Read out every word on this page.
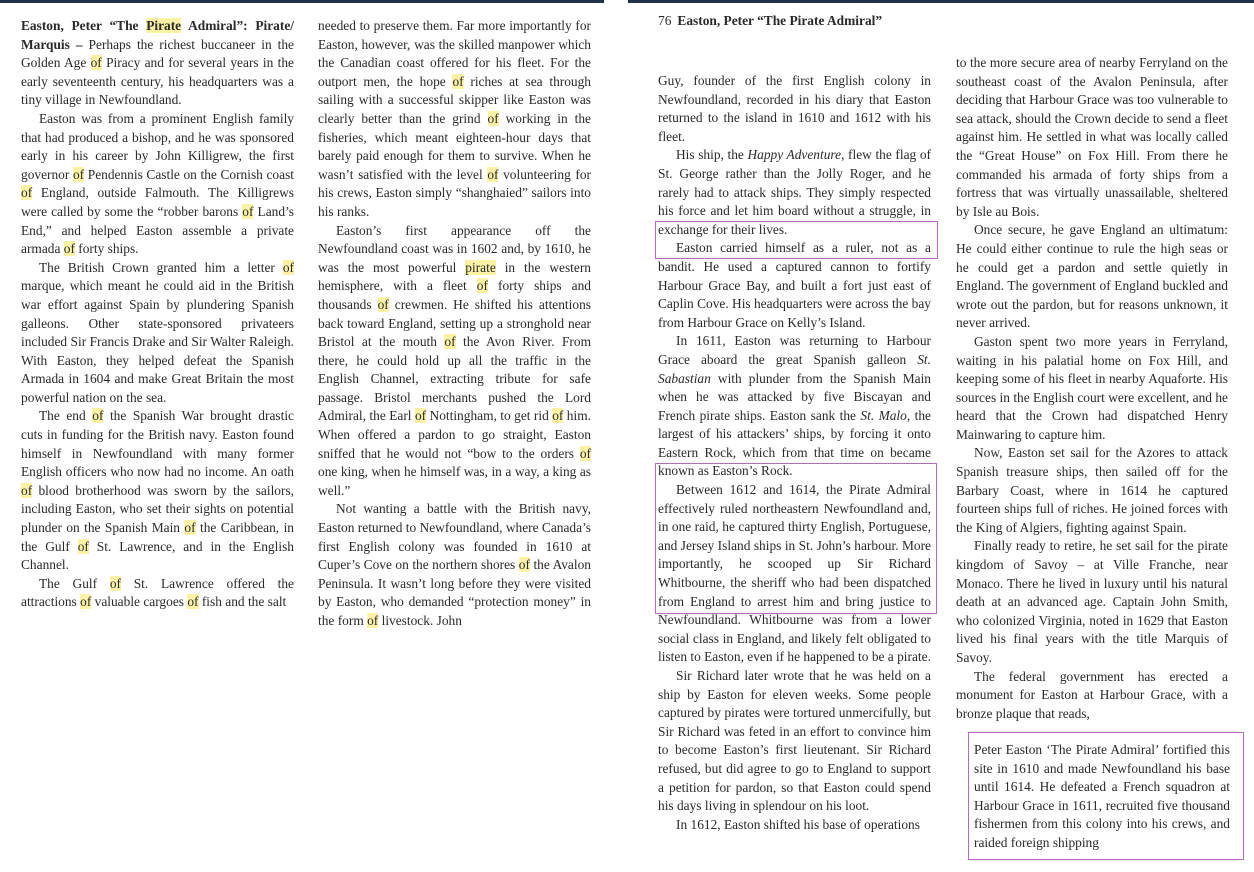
Easton, Peter “The Pirate Admiral”: Pirate/ Marquis – Perhaps the richest buccaneer in the Golden Age of Piracy and for several years in the early seventeenth century, his headquarters was a tiny village in Newfoundland.

Easton was from a prominent English family that had produced a bishop, and he was sponsored early in his career by John Killigrew, the first governor of Pendennis Castle on the Cornish coast of England, outside Falmouth. The Killigrews were called by some the “robber barons of Land’s End,” and helped Easton assemble a private armada of forty ships.

The British Crown granted him a letter of marque, which meant he could aid in the British war effort against Spain by plundering Spanish galleons. Other state-sponsored privateers included Sir Francis Drake and Sir Walter Raleigh. With Easton, they helped defeat the Spanish Armada in 1604 and make Great Britain the most powerful nation on the sea.

The end of the Spanish War brought drastic cuts in funding for the British navy. Easton found himself in Newfoundland with many former English officers who now had no income. An oath of blood brotherhood was sworn by the sailors, including Easton, who set their sights on potential plunder on the Spanish Main of the Caribbean, in the Gulf of St. Lawrence, and in the English Channel.

The Gulf of St. Lawrence offered the attractions of valuable cargoes of fish and the salt

needed to preserve them. Far more importantly for Easton, however, was the skilled manpower which the Canadian coast offered for his fleet. For the outport men, the hope of riches at sea through sailing with a successful skipper like Easton was clearly better than the grind of working in the fisheries, which meant eighteen-hour days that barely paid enough for them to survive. When he wasn’t satisfied with the level of volunteering for his crews, Easton simply “shanghaied” sailors into his ranks.

Easton’s first appearance off the Newfoundland coast was in 1602 and, by 1610, he was the most powerful pirate in the western hemisphere, with a fleet of forty ships and thousands of crewmen. He shifted his attentions back toward England, setting up a stronghold near Bristol at the mouth of the Avon River. From there, he could hold up all the traffic in the English Channel, extracting tribute for safe passage. Bristol merchants pushed the Lord Admiral, the Earl of Nottingham, to get rid of him. When offered a pardon to go straight, Easton sniffed that he would not “bow to the orders of one king, when he himself was, in a way, a king as well.”

Not wanting a battle with the British navy, Easton returned to Newfoundland, where Canada’s first English colony was founded in 1610 at Cuper’s Cove on the northern shores of the Avalon Peninsula. It wasn’t long before they were visited by Easton, who demanded “protection money” in the form of livestock. John

76 Easton, Peter “The Pirate Admiral”

Guy, founder of the first English colony in Newfoundland, recorded in his diary that Easton returned to the island in 1610 and 1612 with his fleet.

His ship, the Happy Adventure, flew the flag of St. George rather than the Jolly Roger, and he rarely had to attack ships. They simply respected his force and let him board without a struggle, in exchange for their lives.

Easton carried himself as a ruler, not as a bandit. He used a captured cannon to fortify Harbour Grace Bay, and built a fort just east of Caplin Cove. His headquarters were across the bay from Harbour Grace on Kelly’s Island.

In 1611, Easton was returning to Harbour Grace aboard the great Spanish galleon St. Sabastian with plunder from the Spanish Main when he was attacked by five Biscayan and French pirate ships. Easton sank the St. Malo, the largest of his attackers’ ships, by forcing it onto Eastern Rock, which from that time on became known as Easton’s Rock.

Between 1612 and 1614, the Pirate Admiral effectively ruled northeastern Newfoundland and, in one raid, he captured thirty English, Portuguese, and Jersey Island ships in St. John’s harbour. More importantly, he scooped up Sir Richard Whitbourne, the sheriff who had been dispatched from England to arrest him and bring justice to Newfoundland. Whitbourne was from a lower social class in England, and likely felt obligated to listen to Easton, even if he happened to be a pirate.

Sir Richard later wrote that he was held on a ship by Easton for eleven weeks. Some people captured by pirates were tortured unmercifully, but Sir Richard was feted in an effort to convince him to become Easton’s first lieutenant. Sir Richard refused, but did agree to go to England to support a petition for pardon, so that Easton could spend his days living in splendour on his loot.

In 1612, Easton shifted his base of operations

to the more secure area of nearby Ferryland on the southeast coast of the Avalon Peninsula, after deciding that Harbour Grace was too vulnerable to sea attack, should the Crown decide to send a fleet against him. He settled in what was locally called the “Great House” on Fox Hill. From there he commanded his armada of forty ships from a fortress that was virtually unassailable, sheltered by Isle au Bois.

Once secure, he gave England an ultimatum: He could either continue to rule the high seas or he could get a pardon and settle quietly in England. The government of England buckled and wrote out the pardon, but for reasons unknown, it never arrived.

Gaston spent two more years in Ferryland, waiting in his palatial home on Fox Hill, and keeping some of his fleet in nearby Aquaforte. His sources in the English court were excellent, and he heard that the Crown had dispatched Henry Mainwaring to capture him.

Now, Easton set sail for the Azores to attack Spanish treasure ships, then sailed off for the Barbary Coast, where in 1614 he captured fourteen ships full of riches. He joined forces with the King of Algiers, fighting against Spain.

Finally ready to retire, he set sail for the pirate kingdom of Savoy – at Ville Franche, near Monaco. There he lived in luxury until his natural death at an advanced age. Captain John Smith, who colonized Virginia, noted in 1629 that Easton lived his final years with the title Marquis of Savoy.

The federal government has erected a monument for Easton at Harbour Grace, with a bronze plaque that reads,

Peter Easton ‘The Pirate Admiral’ fortified this site in 1610 and made Newfoundland his base until 1614. He defeated a French squadron at Harbour Grace in 1611, recruited five thousand fishermen from this colony into his crews, and raided foreign shipping
